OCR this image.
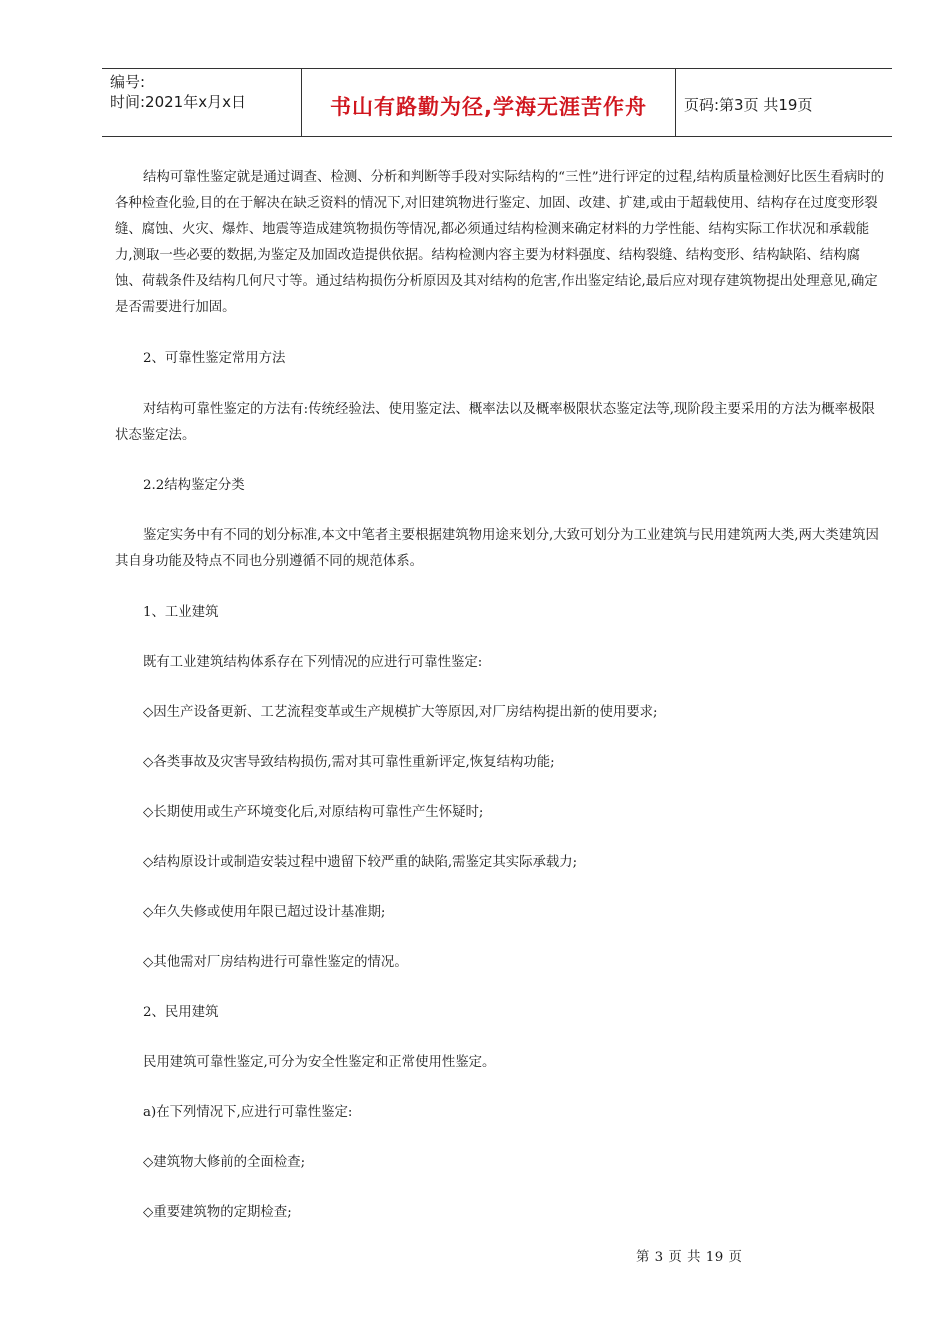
编号:
时间:2021年x月x日	书山有路勤为径,学海无涯苦作舟	页码:第3页 共19页

结构可靠性鉴定就是通过调查、检测、分析和判断等手段对实际结构的“三性”进行评定的过程,结构质量检测好比医生看病时的各种检查化验,目的在于解决在缺乏资料的情况下,对旧建筑物进行鉴定、加固、改建、扩建,或由于超载使用、结构存在过度变形裂缝、腐蚀、火灾、爆炸、地震等造成建筑物损伤等情况,都必须通过结构检测来确定材料的力学性能、结构实际工作状况和承载能力,测取一些必要的数据,为鉴定及加固改造提供依据。结构检测内容主要为材料强度、结构裂缝、结构变形、结构缺陷、结构腐蚀、荷载条件及结构几何尺寸等。通过结构损伤分析原因及其对结构的危害,作出鉴定结论,最后应对现存建筑物提出处理意见,确定是否需要进行加固。

2、可靠性鉴定常用方法

对结构可靠性鉴定的方法有:传统经验法、使用鉴定法、概率法以及概率极限状态鉴定法等,现阶段主要采用的方法为概率极限状态鉴定法。

2.2结构鉴定分类

鉴定实务中有不同的划分标准,本文中笔者主要根据建筑物用途来划分,大致可划分为工业建筑与民用建筑两大类,两大类建筑因其自身功能及特点不同也分别遵循不同的规范体系。

1、工业建筑

既有工业建筑结构体系存在下列情况的应进行可靠性鉴定:

◇因生产设备更新、工艺流程变革或生产规模扩大等原因,对厂房结构提出新的使用要求;

◇各类事故及灾害导致结构损伤,需对其可靠性重新评定,恢复结构功能;

◇长期使用或生产环境变化后,对原结构可靠性产生怀疑时;

◇结构原设计或制造安装过程中遗留下较严重的缺陷,需鉴定其实际承载力;

◇年久失修或使用年限已超过设计基准期;

◇其他需对厂房结构进行可靠性鉴定的情况。

2、民用建筑

民用建筑可靠性鉴定,可分为安全性鉴定和正常使用性鉴定。

a)在下列情况下,应进行可靠性鉴定:

◇建筑物大修前的全面检查;

◇重要建筑物的定期检查;

第 3 页 共 19 页
